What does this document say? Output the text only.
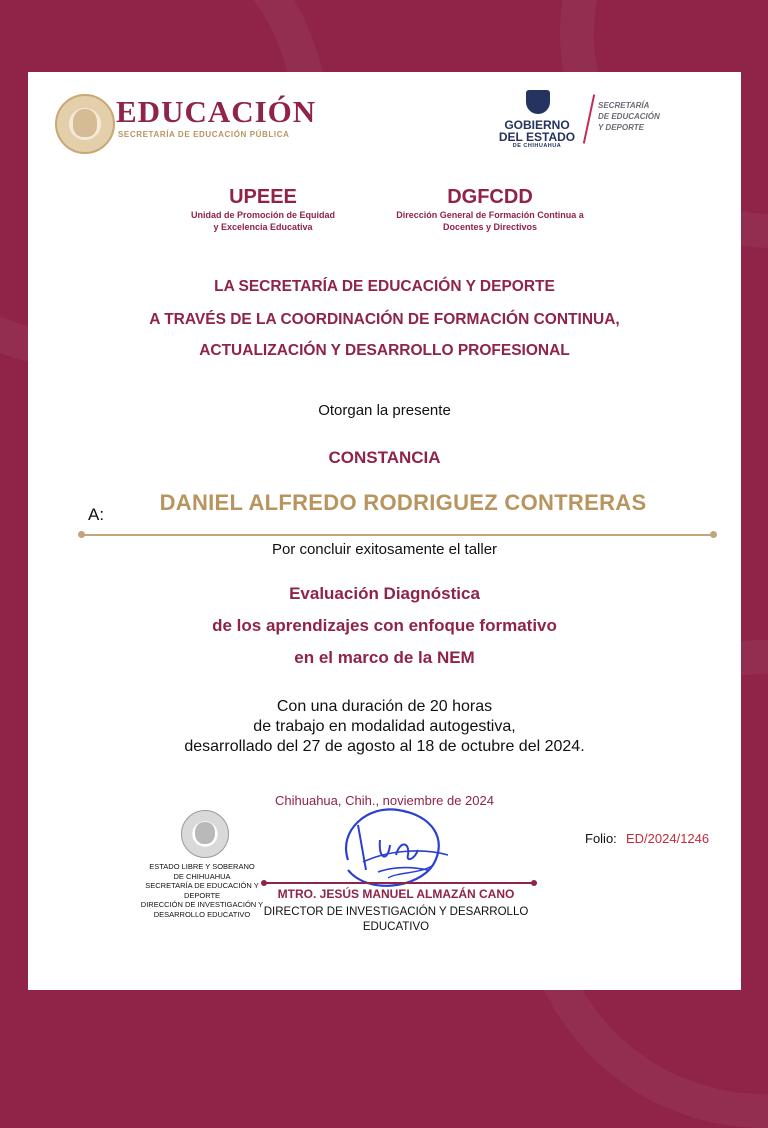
EDUCACIÓN
SECRETARÍA DE EDUCACIÓN PÚBLICA
GOBIERNO
DEL ESTADO
DE CHIHUAHUA
SECRETARÍA
DE EDUCACIÓN
Y DEPORTE
UPEEE
Unidad de Promoción de Equidad
y Excelencia Educativa
DGFCDD
Dirección General de Formación Continua a
Docentes y Directivos
LA SECRETARÍA DE EDUCACIÓN Y DEPORTE
A TRAVÉS DE LA COORDINACIÓN DE FORMACIÓN CONTINUA,
ACTUALIZACIÓN Y DESARROLLO PROFESIONAL
Otorgan la presente
CONSTANCIA
A:	DANIEL ALFREDO RODRIGUEZ CONTRERAS
Por concluir exitosamente el taller
Evaluación Diagnóstica
de los aprendizajes con enfoque formativo
en el marco de la NEM
Con una duración de 20 horas
de trabajo en modalidad autogestiva,
desarrollado del 27 de agosto al 18 de octubre del 2024.
Chihuahua, Chih., noviembre de 2024
Folio: ED/2024/1246
ESTADO LIBRE Y SOBERANO
DE CHIHUAHUA
SECRETARÍA DE EDUCACIÓN Y DEPORTE
DIRECCIÓN DE INVESTIGACIÓN Y
DESARROLLO EDUCATIVO
MTRO. JESÚS MANUEL ALMAZÁN CANO
DIRECTOR DE INVESTIGACIÓN Y DESARROLLO
EDUCATIVO
